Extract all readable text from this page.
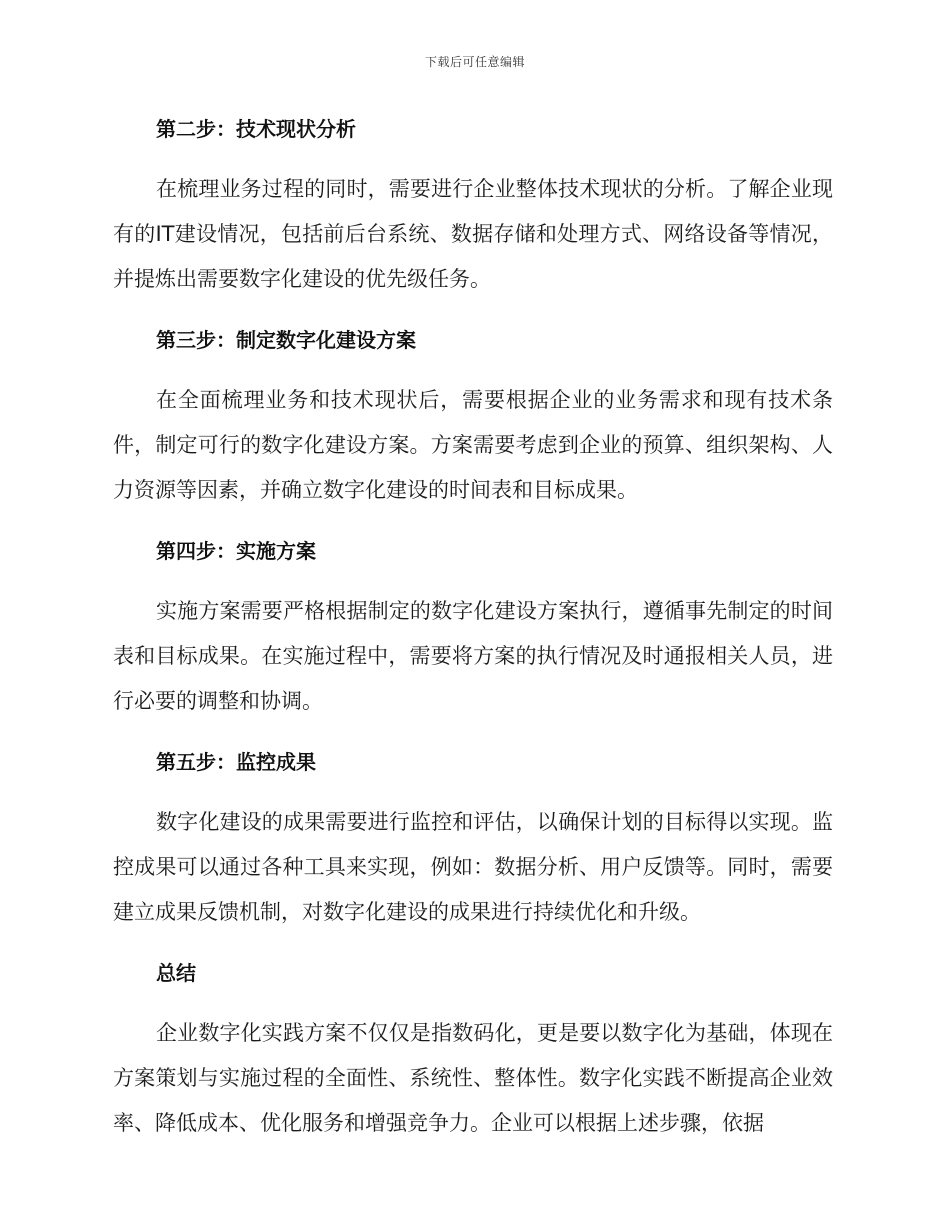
下载后可任意编辑
第二步：技术现状分析

在梳理业务过程的同时，需要进行企业整体技术现状的分析。了解企业现有的IT建设情况，包括前后台系统、数据存储和处理方式、网络设备等情况，并提炼出需要数字化建设的优先级任务。

第三步：制定数字化建设方案

在全面梳理业务和技术现状后，需要根据企业的业务需求和现有技术条件，制定可行的数字化建设方案。方案需要考虑到企业的预算、组织架构、人力资源等因素，并确立数字化建设的时间表和目标成果。

第四步：实施方案

实施方案需要严格根据制定的数字化建设方案执行，遵循事先制定的时间表和目标成果。在实施过程中，需要将方案的执行情况及时通报相关人员，进行必要的调整和协调。

第五步：监控成果

数字化建设的成果需要进行监控和评估，以确保计划的目标得以实现。监控成果可以通过各种工具来实现，例如：数据分析、用户反馈等。同时，需要建立成果反馈机制，对数字化建设的成果进行持续优化和升级。

总结

企业数字化实践方案不仅仅是指数码化，更是要以数字化为基础，体现在方案策划与实施过程的全面性、系统性、整体性。数字化实践不断提高企业效率、降低成本、优化服务和增强竞争力。企业可以根据上述步骤，依据
